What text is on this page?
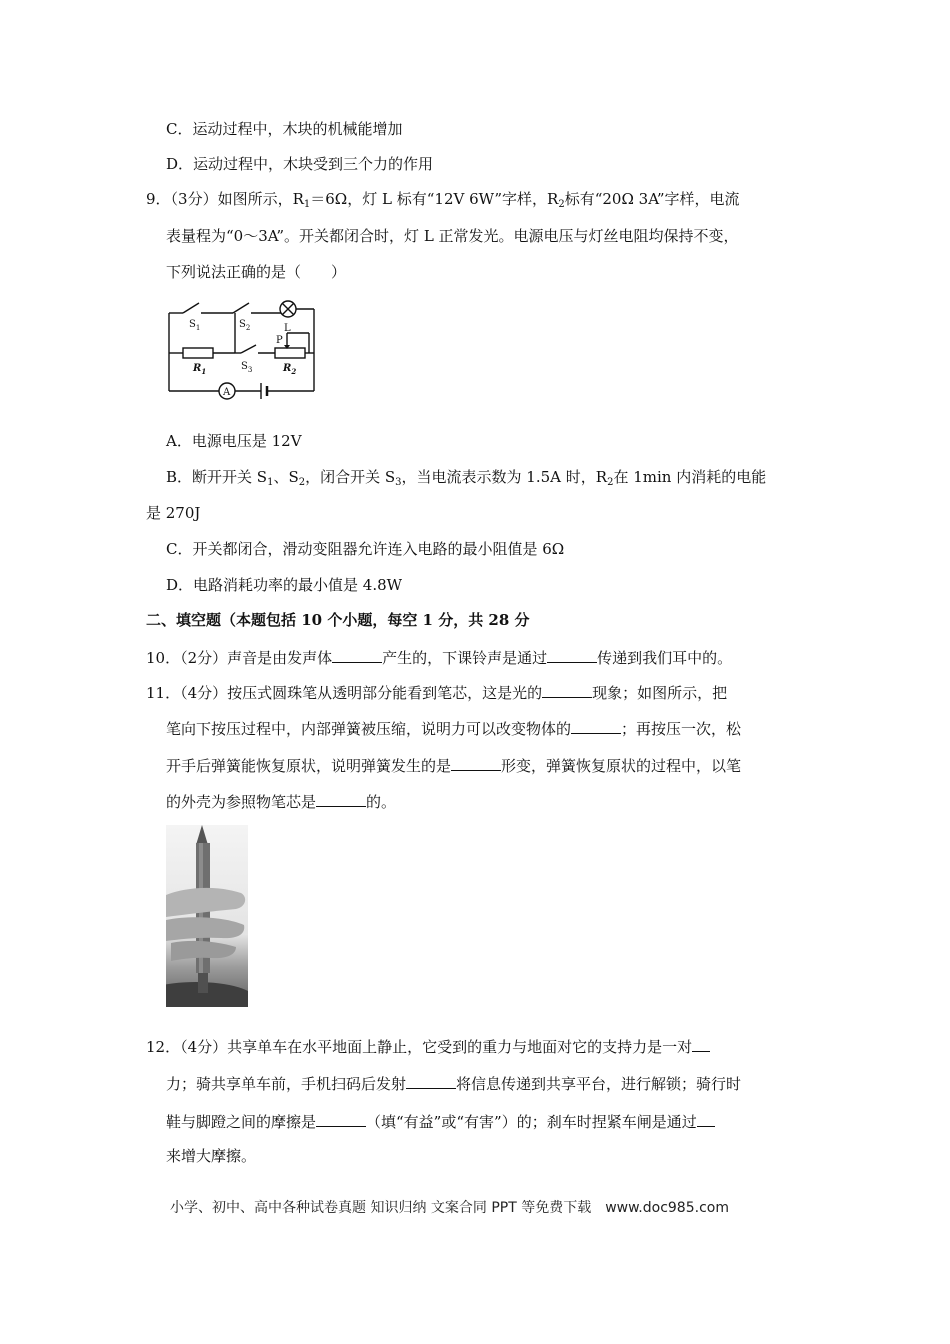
C．运动过程中，木块的机械能增加
D．运动过程中，木块受到三个力的作用
9．（3分）如图所示，$R_1=6\Omega$，灯 L 标有“12V 6W”字样，$R_2$标有“20Ω 3A”字样，电流
表量程为“0～3A”。开关都闭合时，灯 L 正常发光。电源电压与灯丝电阻均保持不变，
下列说法正确的是（　　）
$S_1$	$S_2$	L
P
$S_3$
$R_1$	$R_2$
A
A．电源电压是 12V
B．断开开关 $S_1$、$S_2$，闭合开关 $S_3$，当电流表示数为 1.5A 时，$R_2$在 1min 内消耗的电能
是 270J
C．开关都闭合，滑动变阻器允许连入电路的最小阻值是 6Ω
D．电路消耗功率的最小值是 4.8W
二、填空题（本题包括 10 个小题，每空 1 分，共 28 分
10．（2分）声音是由发声体	产生的，下课铃声是通过	传递到我们耳中的。
11．（4分）按压式圆珠笔从透明部分能看到笔芯，这是光的	现象；如图所示，把
笔向下按压过程中，内部弹簧被压缩，说明力可以改变物体的	；再按压一次，松
开手后弹簧能恢复原状，说明弹簧发生的是	形变，弹簧恢复原状的过程中，以笔
的外壳为参照物笔芯是	的。
12．（4分）共享单车在水平地面上静止，它受到的重力与地面对它的支持力是一对
力；骑共享单车前，手机扫码后发射	将信息传递到共享平台，进行解锁；骑行时
鞋与脚蹬之间的摩擦是	（填“有益”或“有害”）的；刹车时捏紧车闸是通过
来增大摩擦。
小学、初中、高中各种试卷真题 知识归纳 文案合同 PPT 等免费下载　www.doc985.com
